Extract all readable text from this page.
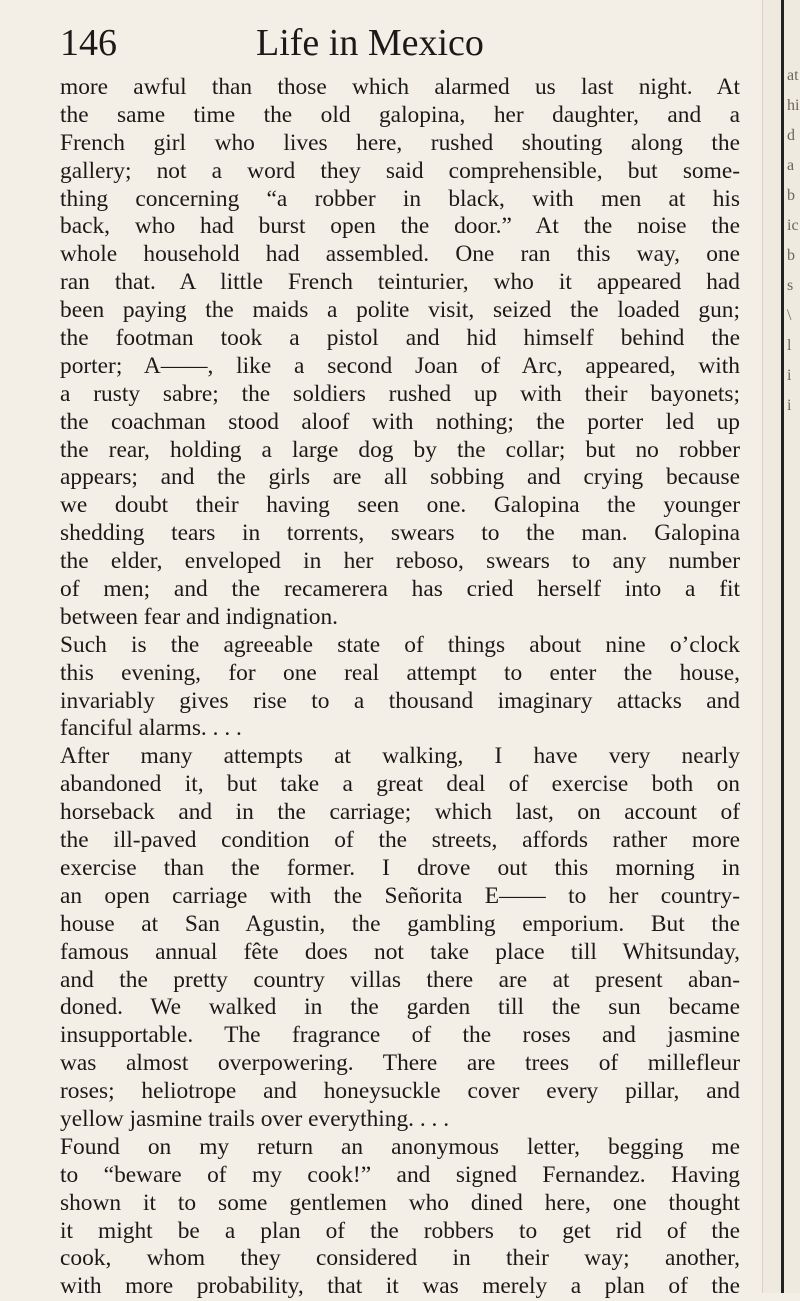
146	Life in Mexico
more awful than those which alarmed us last night. At
the same time the old galopina, her daughter, and a
French girl who lives here, rushed shouting along the
gallery; not a word they said comprehensible, but some-
thing concerning “a robber in black, with men at his
back, who had burst open the door.” At the noise the
whole household had assembled. One ran this way, one
ran that. A little French teinturier, who it appeared had
been paying the maids a polite visit, seized the loaded gun;
the footman took a pistol and hid himself behind the
porter; A——, like a second Joan of Arc, appeared, with
a rusty sabre; the soldiers rushed up with their bayonets;
the coachman stood aloof with nothing; the porter led up
the rear, holding a large dog by the collar; but no robber
appears; and the girls are all sobbing and crying because
we doubt their having seen one. Galopina the younger
shedding tears in torrents, swears to the man. Galopina
the elder, enveloped in her reboso, swears to any number
of men; and the recamerera has cried herself into a fit
between fear and indignation.
Such is the agreeable state of things about nine o’clock
this evening, for one real attempt to enter the house,
invariably gives rise to a thousand imaginary attacks and
fanciful alarms. . . .
After many attempts at walking, I have very nearly
abandoned it, but take a great deal of exercise both on
horseback and in the carriage; which last, on account of
the ill-paved condition of the streets, affords rather more
exercise than the former. I drove out this morning in
an open carriage with the Señorita E—— to her country-
house at San Agustin, the gambling emporium. But the
famous annual fête does not take place till Whitsunday,
and the pretty country villas there are at present aban-
doned. We walked in the garden till the sun became
insupportable. The fragrance of the roses and jasmine
was almost overpowering. There are trees of millefleur
roses; heliotrope and honeysuckle cover every pillar, and
yellow jasmine trails over everything. . . .
Found on my return an anonymous letter, begging me
to “beware of my cook!” and signed Fernandez. Having
shown it to some gentlemen who dined here, one thought
it might be a plan of the robbers to get rid of the
cook, whom they considered in their way; another,
with more probability, that it was merely a plan of the
at
hi
d
a
b
ic
b
s
\
l
i
i
